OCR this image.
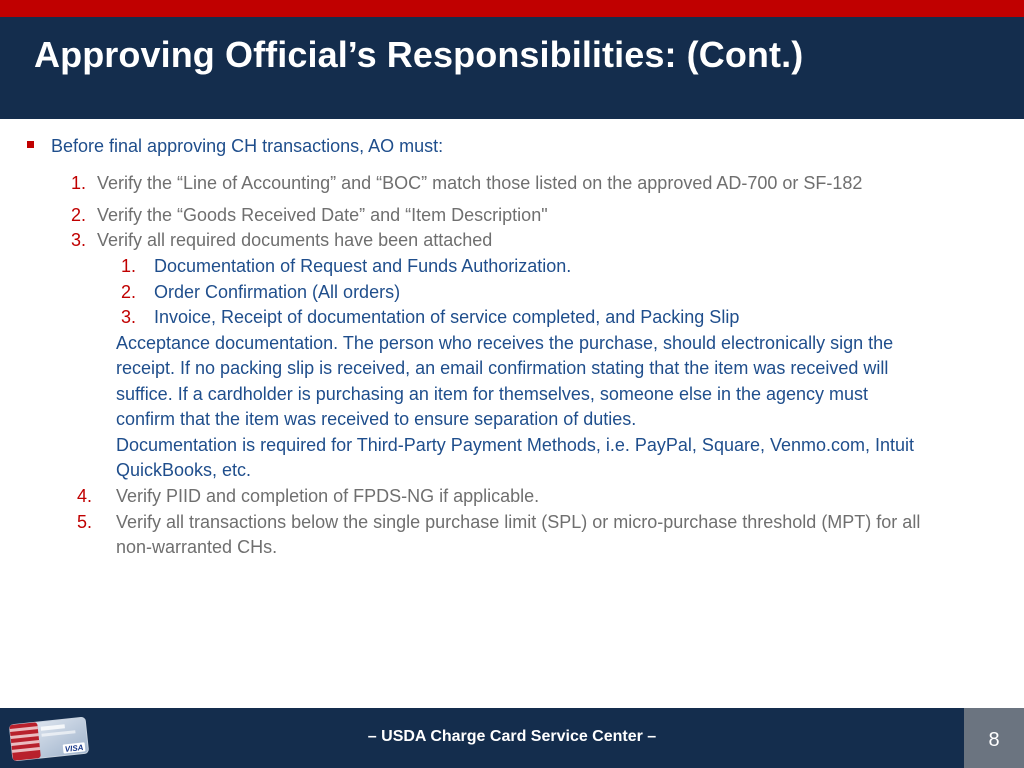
Approving Official’s Responsibilities: (Cont.)
Before final approving CH transactions, AO must:
1. Verify the “Line of Accounting” and “BOC” match those listed on the approved AD-700 or SF-182
2. Verify the “Goods Received Date” and “Item Description"
3. Verify all required documents have been attached
1. Documentation of Request and Funds Authorization.
2. Order Confirmation (All orders)
3. Invoice, Receipt of documentation of service completed, and Packing Slip
Acceptance documentation. The person who receives the purchase, should electronically sign the
receipt. If no packing slip is received, an email confirmation stating that the item was received will
suffice. If a cardholder is purchasing an item for themselves, someone else in the agency must
confirm that the item was received to ensure separation of duties.
Documentation is required for Third-Party Payment Methods, i.e. PayPal, Square, Venmo.com, Intuit
QuickBooks, etc.
4. Verify PIID and completion of FPDS-NG if applicable.
5. Verify all transactions below the single purchase limit (SPL) or micro-purchase threshold (MPT) for all
non-warranted CHs.
VISA
– USDA Charge Card Service Center –	8
